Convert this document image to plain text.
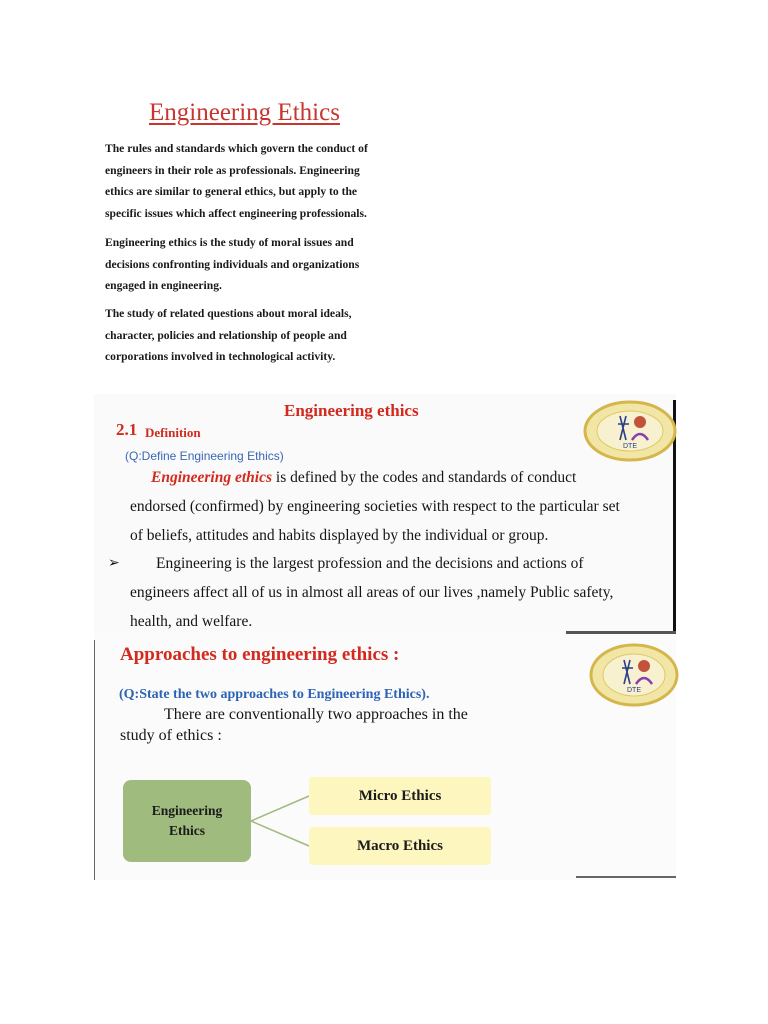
Engineering Ethics

The rules and standards which govern the conduct of
engineers in their role as professionals. Engineering
ethics are similar to general ethics, but apply to the
specific issues which affect engineering professionals.

Engineering ethics is the study of moral issues and
decisions confronting individuals and organizations
engaged in engineering.

The study of related questions about moral ideals,
character, policies and relationship of people and
corporations involved in technological activity.

Engineering ethics
2.1 Definition
(Q:Define Engineering Ethics)
DTE
Engineering ethics is defined by the codes and standards of conduct
endorsed (confirmed) by engineering societies with respect to the particular set
of beliefs, attitudes and habits displayed by the individual or group.
➢ Engineering is the largest profession and the decisions and actions of
engineers affect all of us in almost all areas of our lives ,namely Public safety,
health, and welfare.
Approaches to engineering ethics :
(Q:State the two approaches to Engineering Ethics).	DTE
There are conventionally two approaches in the
study of ethics :
Engineering
Ethics
Micro Ethics
Macro Ethics
